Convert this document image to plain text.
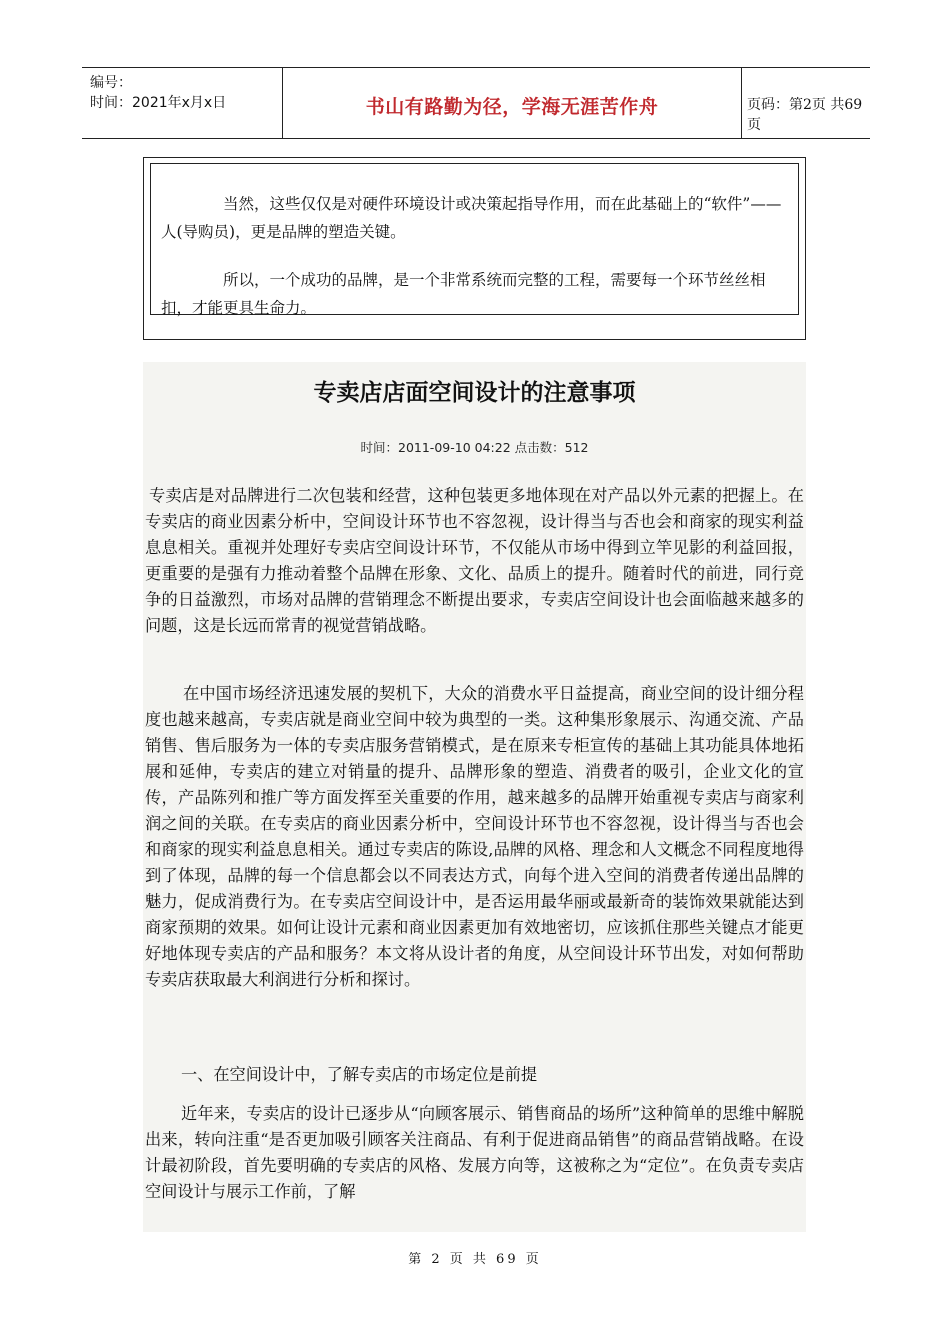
编号：
时间：2021年x月x日	书山有路勤为径，学海无涯苦作舟	页码：第2页 共69页

当然，这些仅仅是对硬件环境设计或决策起指导作用，而在此基础上的“软件”——人(导购员)，更是品牌的塑造关键。

所以，一个成功的品牌，是一个非常系统而完整的工程，需要每一个环节丝丝相扣，才能更具生命力。

专卖店店面空间设计的注意事项
时间：2011-09-10 04:22 点击数：512

专卖店是对品牌进行二次包装和经营，这种包装更多地体现在对产品以外元素的把握上。在专卖店的商业因素分析中，空间设计环节也不容忽视，设计得当与否也会和商家的现实利益息息相关。重视并处理好专卖店空间设计环节，不仅能从市场中得到立竿见影的利益回报，更重要的是强有力推动着整个品牌在形象、文化、品质上的提升。随着时代的前进，同行竞争的日益激烈，市场对品牌的营销理念不断提出要求，专卖店空间设计也会面临越来越多的问题，这是长远而常青的视觉营销战略。

在中国市场经济迅速发展的契机下，大众的消费水平日益提高，商业空间的设计细分程度也越来越高，专卖店就是商业空间中较为典型的一类。这种集形象展示、沟通交流、产品销售、售后服务为一体的专卖店服务营销模式，是在原来专柜宣传的基础上其功能具体地拓展和延伸，专卖店的建立对销量的提升、品牌形象的塑造、消费者的吸引，企业文化的宣传，产品陈列和推广等方面发挥至关重要的作用，越来越多的品牌开始重视专卖店与商家利润之间的关联。在专卖店的商业因素分析中，空间设计环节也不容忽视，设计得当与否也会和商家的现实利益息息相关。通过专卖店的陈设,品牌的风格、理念和人文概念不同程度地得到了体现，品牌的每一个信息都会以不同表达方式，向每个进入空间的消费者传递出品牌的魅力，促成消费行为。在专卖店空间设计中，是否运用最华丽或最新奇的装饰效果就能达到商家预期的效果。如何让设计元素和商业因素更加有效地密切，应该抓住那些关键点才能更好地体现专卖店的产品和服务？本文将从设计者的角度，从空间设计环节出发，对如何帮助专卖店获取最大利润进行分析和探讨。

一、在空间设计中，了解专卖店的市场定位是前提

近年来，专卖店的设计已逐步从“向顾客展示、销售商品的场所”这种简单的思维中解脱出来，转向注重“是否更加吸引顾客关注商品、有利于促进商品销售”的商品营销战略。在设计最初阶段，首先要明确的专卖店的风格、发展方向等，这被称之为“定位”。在负责专卖店空间设计与展示工作前，了解

第 2 页 共 69 页
